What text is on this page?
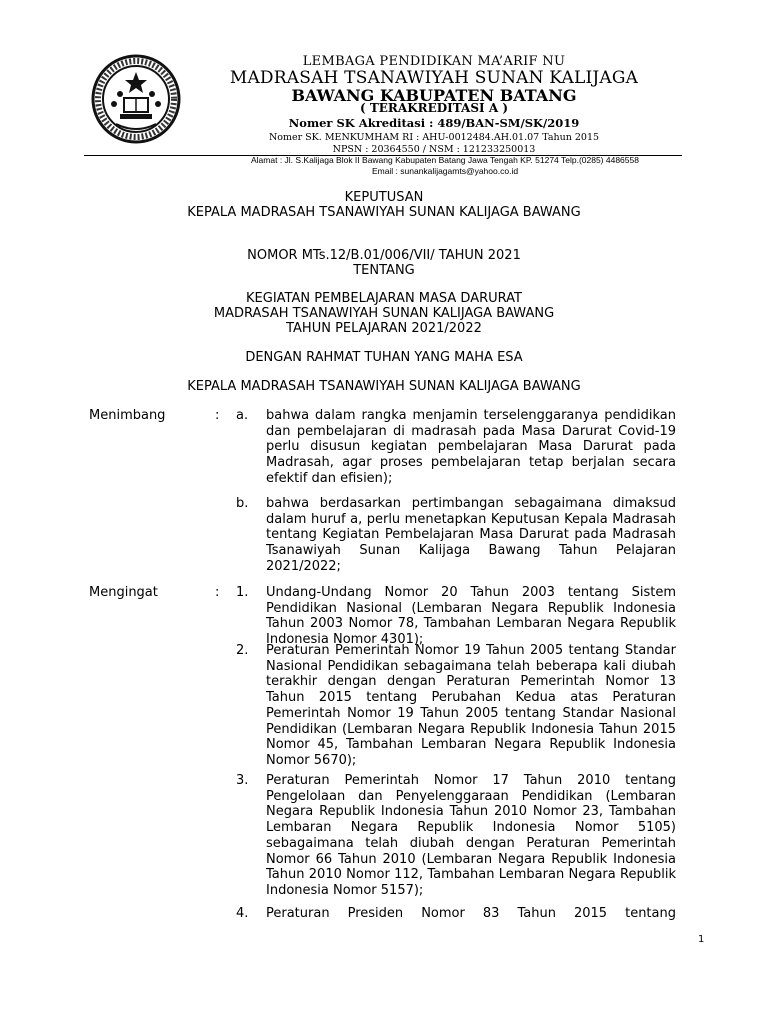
LEMBAGA PENDIDIKAN MA’ARIF NU
MADRASAH TSANAWIYAH SUNAN KALIJAGA
BAWANG KABUPATEN BATANG
( TERAKREDITASI A )
Nomer SK Akreditasi : 489/BAN-SM/SK/2019
Nomer SK. MENKUMHAM RI : AHU-0012484.AH.01.07 Tahun 2015
NPSN : 20364550 / NSM : 121233250013
Alamat : Jl. S.Kalijaga Blok II Bawang Kabupaten Batang Jawa Tengah KP. 51274 Telp.(0285) 4486558
Email : sunankalijagamts@yahoo.co.id
KEPUTUSAN
KEPALA MADRASAH TSANAWIYAH SUNAN KALIJAGA BAWANG
NOMOR MTs.12/B.01/006/VII/ TAHUN 2021
TENTANG
KEGIATAN PEMBELAJARAN MASA DARURAT
MADRASAH TSANAWIYAH SUNAN KALIJAGA BAWANG
TAHUN PELAJARAN 2021/2022
DENGAN RAHMAT TUHAN YANG MAHA ESA
KEPALA MADRASAH TSANAWIYAH SUNAN KALIJAGA BAWANG
Menimbang	: a. bahwa dalam rangka menjamin terselenggaranya pendidikan dan pembelajaran di madrasah pada Masa Darurat Covid-19 perlu disusun kegiatan pembelajaran Masa Darurat pada Madrasah, agar proses pembelajaran tetap berjalan secara efektif dan efisien);
b. bahwa berdasarkan pertimbangan sebagaimana dimaksud dalam huruf a, perlu menetapkan Keputusan Kepala Madrasah tentang Kegiatan Pembelajaran Masa Darurat pada Madrasah Tsanawiyah Sunan Kalijaga Bawang Tahun Pelajaran 2021/2022;
Mengingat	: 1. Undang-Undang Nomor 20 Tahun 2003 tentang Sistem Pendidikan Nasional (Lembaran Negara Republik Indonesia Tahun 2003 Nomor 78, Tambahan Lembaran Negara Republik Indonesia Nomor 4301);
2. Peraturan Pemerintah Nomor 19 Tahun 2005 tentang Standar Nasional Pendidikan sebagaimana telah beberapa kali diubah terakhir dengan dengan Peraturan Pemerintah Nomor 13 Tahun 2015 tentang Perubahan Kedua atas Peraturan Pemerintah Nomor 19 Tahun 2005 tentang Standar Nasional Pendidikan (Lembaran Negara Republik Indonesia Tahun 2015 Nomor 45, Tambahan Lembaran Negara Republik Indonesia Nomor 5670);
3. Peraturan Pemerintah Nomor 17 Tahun 2010 tentang Pengelolaan dan Penyelenggaraan Pendidikan (Lembaran Negara Republik Indonesia Tahun 2010 Nomor 23, Tambahan Lembaran Negara Republik Indonesia Nomor 5105) sebagaimana telah diubah dengan Peraturan Pemerintah Nomor 66 Tahun 2010 (Lembaran Negara Republik Indonesia Tahun 2010 Nomor 112, Tambahan Lembaran Negara Republik Indonesia Nomor 5157);
4. Peraturan Presiden Nomor 83 Tahun 2015 tentang
1
